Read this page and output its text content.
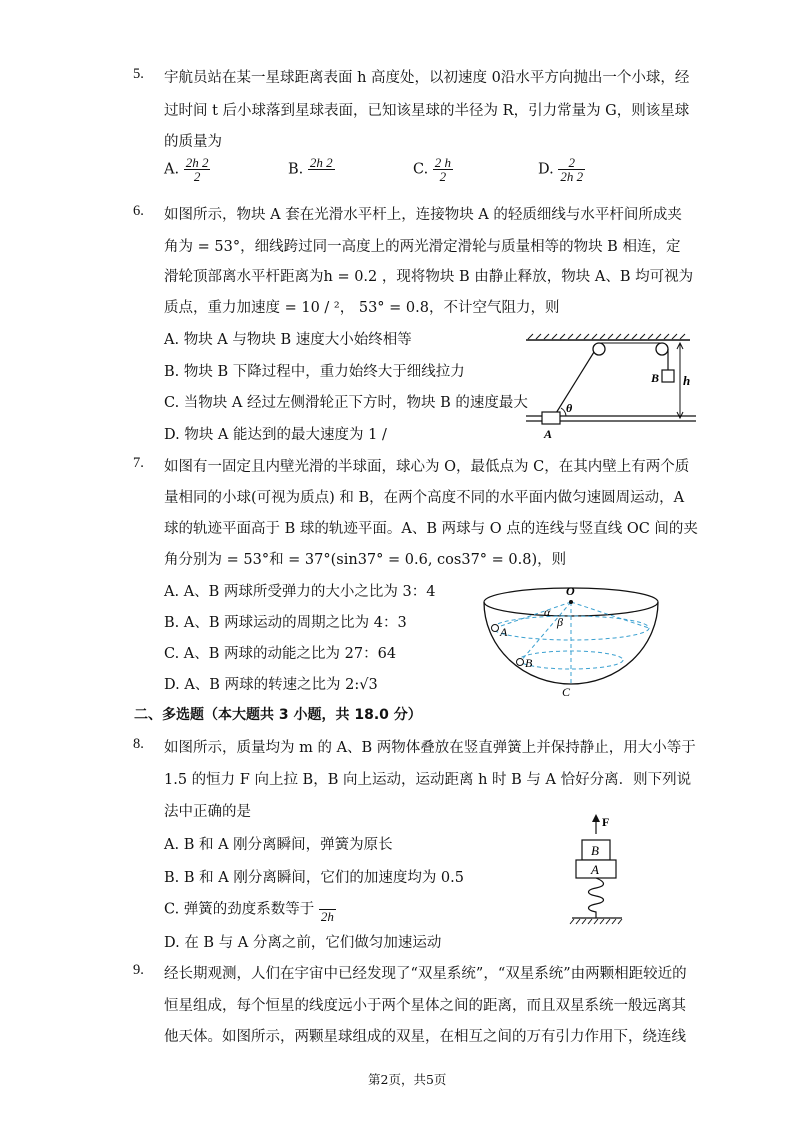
5. 宇航员站在某一星球距离表面 h 高度处，以初速度 0沿水平方向抛出一个小球，经
过时间 t 后小球落到星球表面，已知该星球的半径为 R，引力常量为 G，则该星球
的质量为
A. $\frac{2h 2}{2}$	B. 2h 2
	C. $\frac{2 h}{2}$	D. $\frac{2}{2h 2}$
6. 如图所示，物块 A 套在光滑水平杆上，连接物块 A 的轻质细线与水平杆间所成夹
角为 = 53°，细线跨过同一高度上的两光滑定滑轮与质量相等的物块 B 相连，定
滑轮顶部离水平杆距离为h = 0.2 ，现将物块 B 由静止释放，物块 A、B 均可视为
质点，重力加速度 = 10 / ²， 53° = 0.8，不计空气阻力，则
A. 物块 A 与物块 B 速度大小始终相等
B. 物块 B 下降过程中，重力始终大于细线拉力
C. 当物块 A 经过左侧滑轮正下方时，物块 B 的速度最大
D. 物块 A 能达到的最大速度为 1 /
B h
A
θ
7. 如图有一固定且内壁光滑的半球面，球心为 O，最低点为 C，在其内壁上有两个质
量相同的小球(可视为质点) 和 B，在两个高度不同的水平面内做匀速圆周运动，A
球的轨迹平面高于 B 球的轨迹平面。A、B 两球与 O 点的连线与竖直线 OC 间的夹
角分别为 = 53°和 = 37°(sin37° = 0.6, cos37° = 0.8)，则
A. A、B 两球所受弹力的大小之比为 3：4
B. A、B 两球运动的周期之比为 4：3
C. A、B 两球的动能之比为 27：64
D. A、B 两球的转速之比为 2:√3
O
α
β
A
B
C
二、多选题（本大题共 3 小题，共 18.0 分）
8. 如图所示，质量均为 m 的 A、B 两物体叠放在竖直弹簧上并保持静止，用大小等于
1.5 的恒力 F 向上拉 B，B 向上运动，运动距离 h 时 B 与 A 恰好分离．则下列说
法中正确的是
A. B 和 A 刚分离瞬间，弹簧为原长
B. B 和 A 刚分离瞬间，它们的加速度均为 0.5
C. 弹簧的劲度系数等于
2h
D. 在 B 与 A 分离之前，它们做匀加速运动
F
B
A
9. 经长期观测，人们在宇宙中已经发现了“双星系统”，“双星系统”由两颗相距较近的
恒星组成，每个恒星的线度远小于两个星体之间的距离，而且双星系统一般远离其
他天体。如图所示，两颗星球组成的双星，在相互之间的万有引力作用下，绕连线
第2页，共5页
